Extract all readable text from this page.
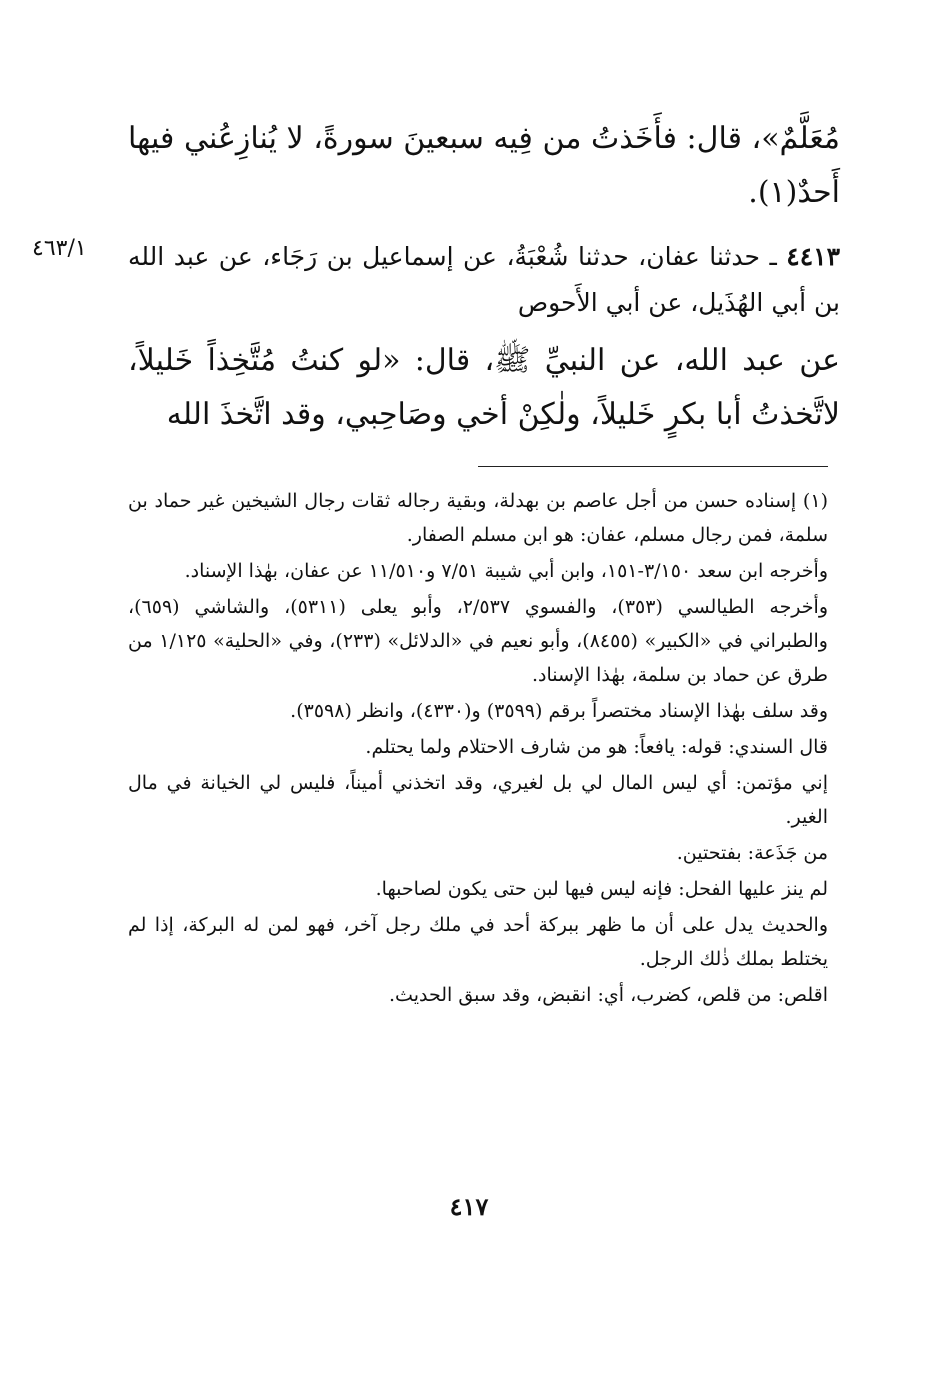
مُعَلَّمٌ»، قال: فأَخَذتُ من فِيه سبعينَ سورةً، لا يُنازِعُني فيها أَحدٌ(١).

٤٤١٣ ـ حدثنا عفان، حدثنا شُعْبَةُ، عن إسماعيل بن رَجَاء، عن عبد الله بن أبي الهُذَيل، عن أبي الأَحوص

عن عبد الله، عن النبيِّ ﷺ، قال: «لو كنتُ مُتَّخِذاً خَليلاً، لاتَّخذتُ أبا بكرٍ خَليلاً، ولٰكِنْ أخي وصَاحِبي، وقد اتَّخذَ الله

٤٦٣/١

(١) إسناده حسن من أجل عاصم بن بهدلة، وبقية رجاله ثقات رجال الشيخين غير حماد بن سلمة، فمن رجال مسلم، عفان: هو ابن مسلم الصفار.

وأخرجه ابن سعد ٣/١٥٠-١٥١، وابن أبي شيبة ٧/٥١ و١١/٥١٠ عن عفان، بهٰذا الإسناد.

وأخرجه الطيالسي (٣٥٣)، والفسوي ٢/٥٣٧، وأبو يعلى (٥٣١١)، والشاشي (٦٥٩)، والطبراني في «الكبير» (٨٤٥٥)، وأبو نعيم في «الدلائل» (٢٣٣)، وفي «الحلية» ١/١٢٥ من طرق عن حماد بن سلمة، بهٰذا الإسناد.

وقد سلف بهٰذا الإسناد مختصراً برقم (٣٥٩٩) و(٤٣٣٠)، وانظر (٣٥٩٨).

قال السندي: قوله: يافعاً: هو من شارف الاحتلام ولما يحتلم.

إني مؤتمن: أي ليس المال لي بل لغيري، وقد اتخذني أميناً، فليس لي الخيانة في مال الغير.

من جَذَعة: بفتحتين.

لم ينز عليها الفحل: فإنه ليس فيها لبن حتى يكون لصاحبها.

والحديث يدل على أن ما ظهر ببركة أحد في ملك رجل آخر، فهو لمن له البركة، إذا لم يختلط بملك ذٰلك الرجل.

اقلص: من قلص، كضرب، أي: انقبض، وقد سبق الحديث.

٤١٧
